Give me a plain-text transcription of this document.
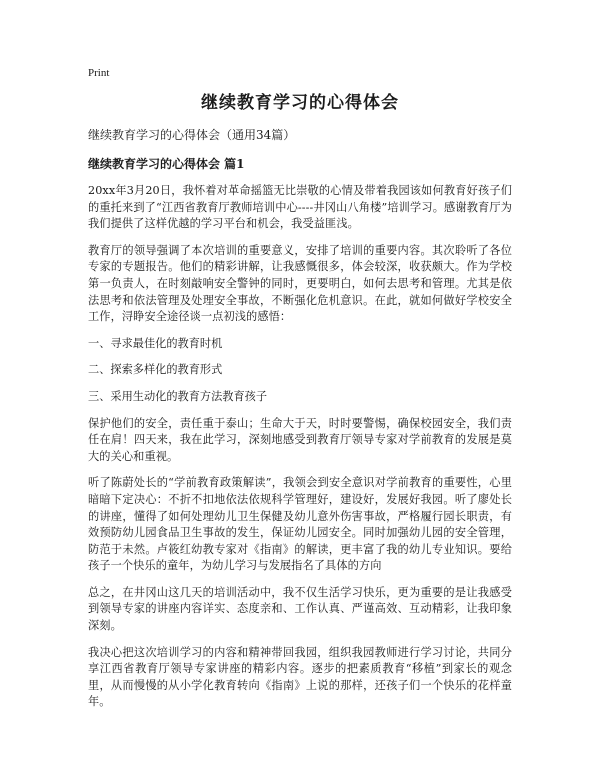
Print
继续教育学习的心得体会
继续教育学习的心得体会（通用34篇）
继续教育学习的心得体会 篇1

20xx年3月20日，我怀着对革命摇篮无比崇敬的心情及带着我园该如何教育好孩子们的重托来到了“江西省教育厅教师培训中心----井冈山八角楼”培训学习。感谢教育厅为我们提供了这样优越的学习平台和机会，我受益匪浅。

教育厅的领导强调了本次培训的重要意义，安排了培训的重要内容。其次聆听了各位专家的专题报告。他们的精彩讲解，让我感慨很多，体会较深，收获颇大。作为学校第一负责人，在时刻敲响安全警钟的同时，更要明白，如何去思考和管理。尤其是依法思考和依法管理及处理安全事故，不断强化危机意识。在此，就如何做好学校安全工作，浔睁安全途径谈一点初浅的感悟：

一、寻求最佳化的教育时机
二、探索多样化的教育形式
三、采用生动化的教育方法教育孩子

保护他们的安全，责任重于泰山；生命大于天，时时要警惕，确保校园安全，我们责任在肩！四天来，我在此学习，深刻地感受到教育厅领导专家对学前教育的发展是莫大的关心和重视。

听了陈蔚处长的“学前教育政策解读”，我领会到安全意识对学前教育的重要性，心里暗暗下定决心：不折不扣地依法依规科学管理好，建设好，发展好我园。听了廖处长的讲座，懂得了如何处理幼儿卫生保健及幼儿意外伤害事故，严格履行园长职责，有效预防幼儿园食品卫生事故的发生，保证幼儿园安全。同时加强幼儿园的安全管理，防范于未然。卢筱红幼教专家对《指南》的解读，更丰富了我的幼儿专业知识。要给孩子一个快乐的童年，为幼儿学习与发展指名了具体的方向

总之，在井冈山这几天的培训活动中，我不仅生活学习快乐，更为重要的是让我感受到领导专家的讲座内容详实、态度亲和、工作认真、严谨高效、互动精彩，让我印象深刻。

我决心把这次培训学习的内容和精神带回我园，组织我园教师进行学习讨论，共同分享江西省教育厅领导专家讲座的精彩内容。逐步的把素质教育“移植”到家长的观念里，从而慢慢的从小学化教育转向《指南》上说的那样，还孩子们一个快乐的花样童年。
